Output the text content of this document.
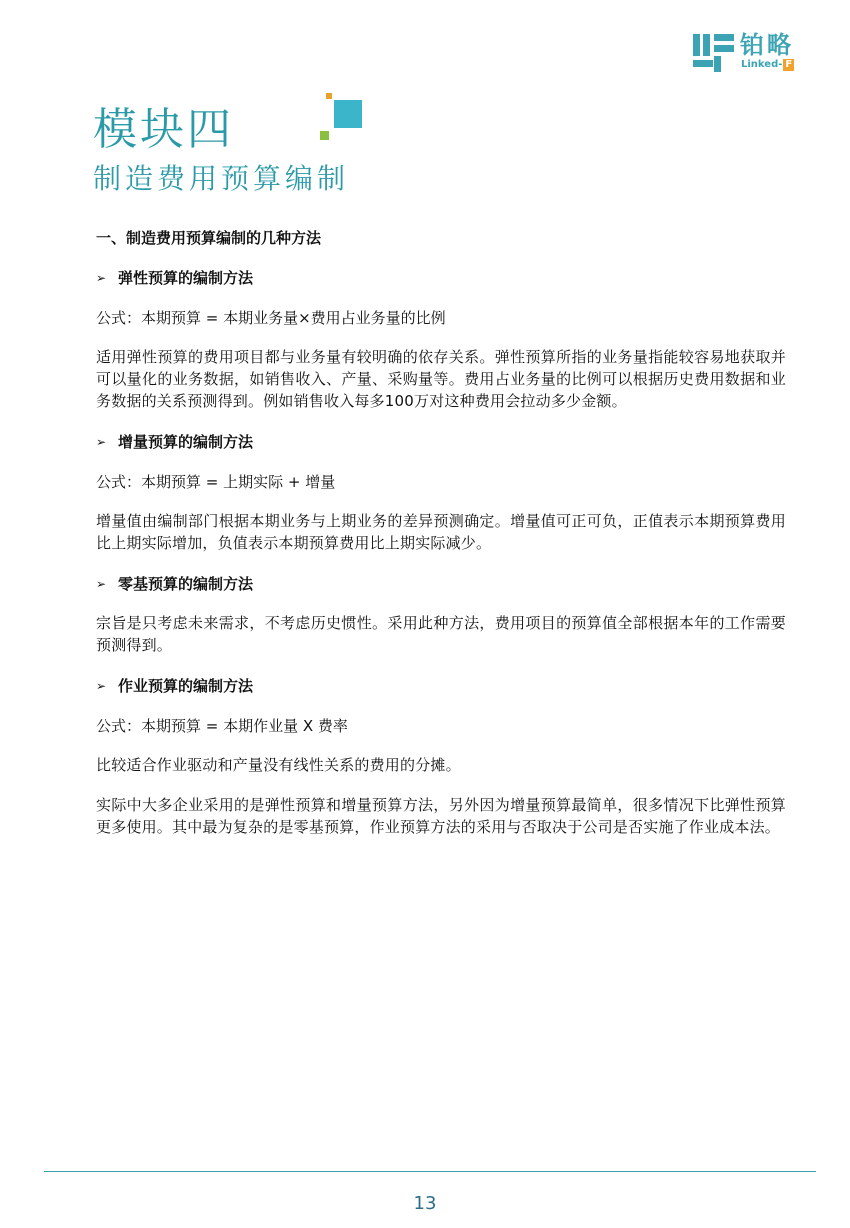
铂略
Linked- F
模块四
制造费用预算编制
一、制造费用预算编制的几种方法
➢ 弹性预算的编制方法
公式：本期预算 = 本期业务量×费用占业务量的比例
适用弹性预算的费用项目都与业务量有较明确的依存关系。弹性预算所指的业务量指能较容易地获取并可以量化的业务数据，如销售收入、产量、采购量等。费用占业务量的比例可以根据历史费用数据和业务数据的关系预测得到。例如销售收入每多100万对这种费用会拉动多少金额。
➢ 增量预算的编制方法
公式：本期预算 = 上期实际 + 增量
增量值由编制部门根据本期业务与上期业务的差异预测确定。增量值可正可负，正值表示本期预算费用比上期实际增加，负值表示本期预算费用比上期实际减少。
➢ 零基预算的编制方法
宗旨是只考虑未来需求，不考虑历史惯性。采用此种方法，费用项目的预算值全部根据本年的工作需要预测得到。
➢ 作业预算的编制方法
公式：本期预算 = 本期作业量 X 费率
比较适合作业驱动和产量没有线性关系的费用的分摊。
实际中大多企业采用的是弹性预算和增量预算方法，另外因为增量预算最简单，很多情况下比弹性预算更多使用。其中最为复杂的是零基预算，作业预算方法的采用与否取决于公司是否实施了作业成本法。
13
